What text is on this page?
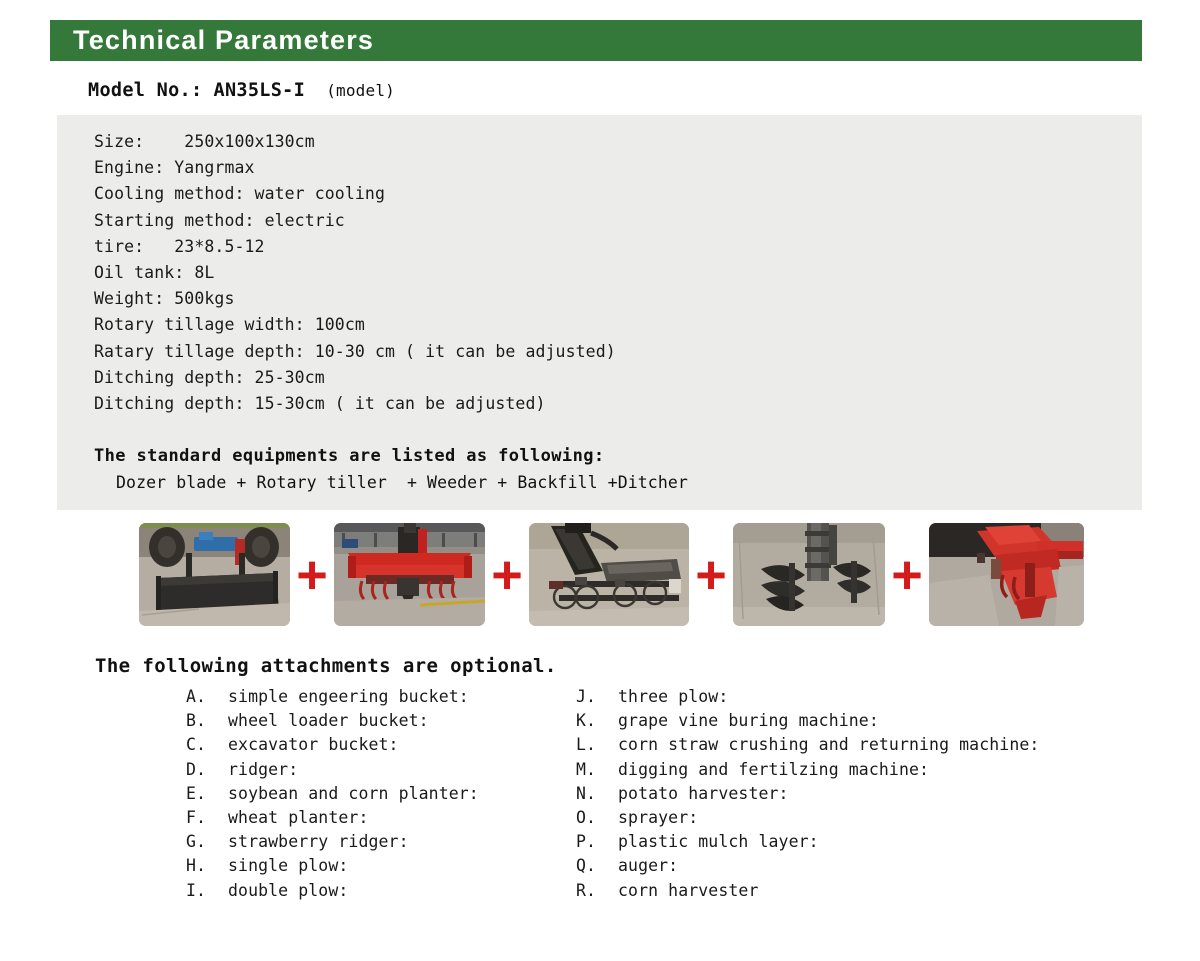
Technical Parameters
Model No.: AN35LS-I (model)
Size:    250x100x130cm
Engine: Yangrmax
Cooling method: water cooling
Starting method: electric
tire:   23*8.5-12
Oil tank: 8L
Weight: 500kgs
Rotary tillage width: 100cm
Ratary tillage depth: 10-30 cm ( it can be adjusted)
Ditching depth: 25-30cm
Ditching depth: 15-30cm ( it can be adjusted)
The standard equipments are listed as following:
Dozer blade + Rotary tiller  + Weeder + Backfill +Ditcher
+	+	+	+
The following attachments are optional.
A.	simple engeering bucket:
B.	wheel loader bucket:
C.	excavator bucket:
D.	ridger:
E.	soybean and corn planter:
F.	wheat planter:
G.	strawberry ridger:
H.	single plow:
I.	double plow:
J.	three plow:
K.	grape vine buring machine:
L.	corn straw crushing and returning machine:
M.	digging and fertilzing machine:
N.	potato harvester:
O.	sprayer:
P.	plastic mulch layer:
Q.	auger:
R.	corn harvester
